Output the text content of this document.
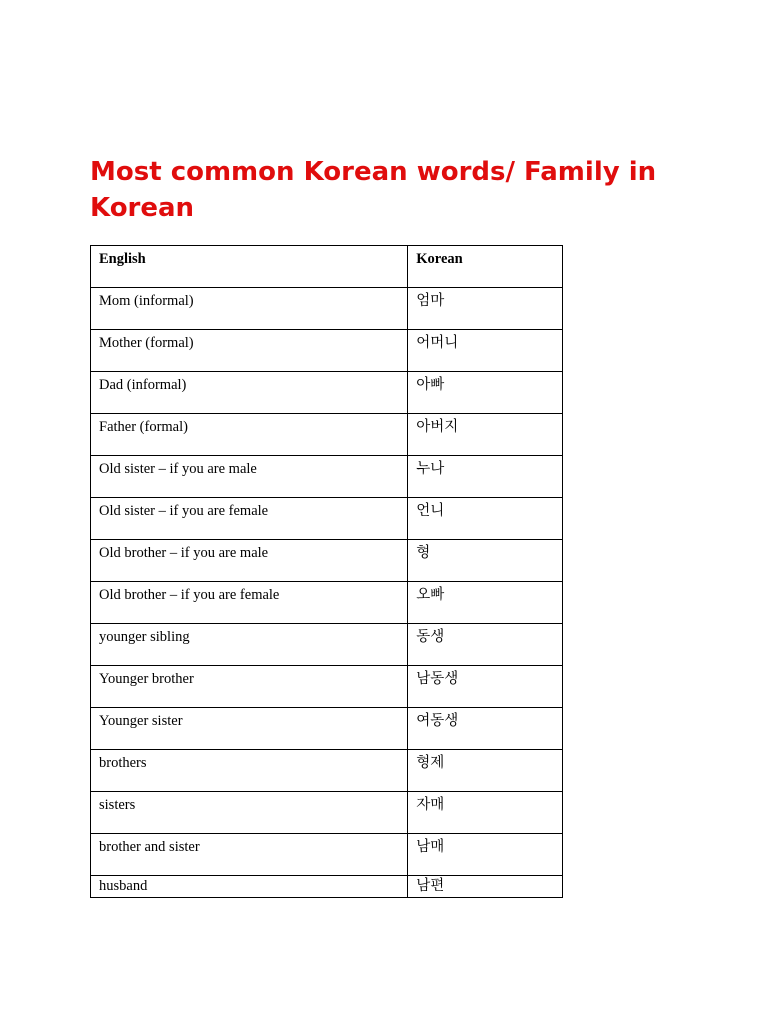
Most common Korean words/ Family in Korean
English	Korean
Mom (informal)	엄마
Mother (formal)	어머니
Dad (informal)	아빠
Father (formal)	아버지
Old sister – if you are male	누나
Old sister – if you are female	언니
Old brother – if you are male	형
Old brother – if you are female	오빠
younger sibling	동생
Younger brother	남동생
Younger sister	여동생
brothers	형제
sisters	자매
brother and sister	남매
husband	남편
